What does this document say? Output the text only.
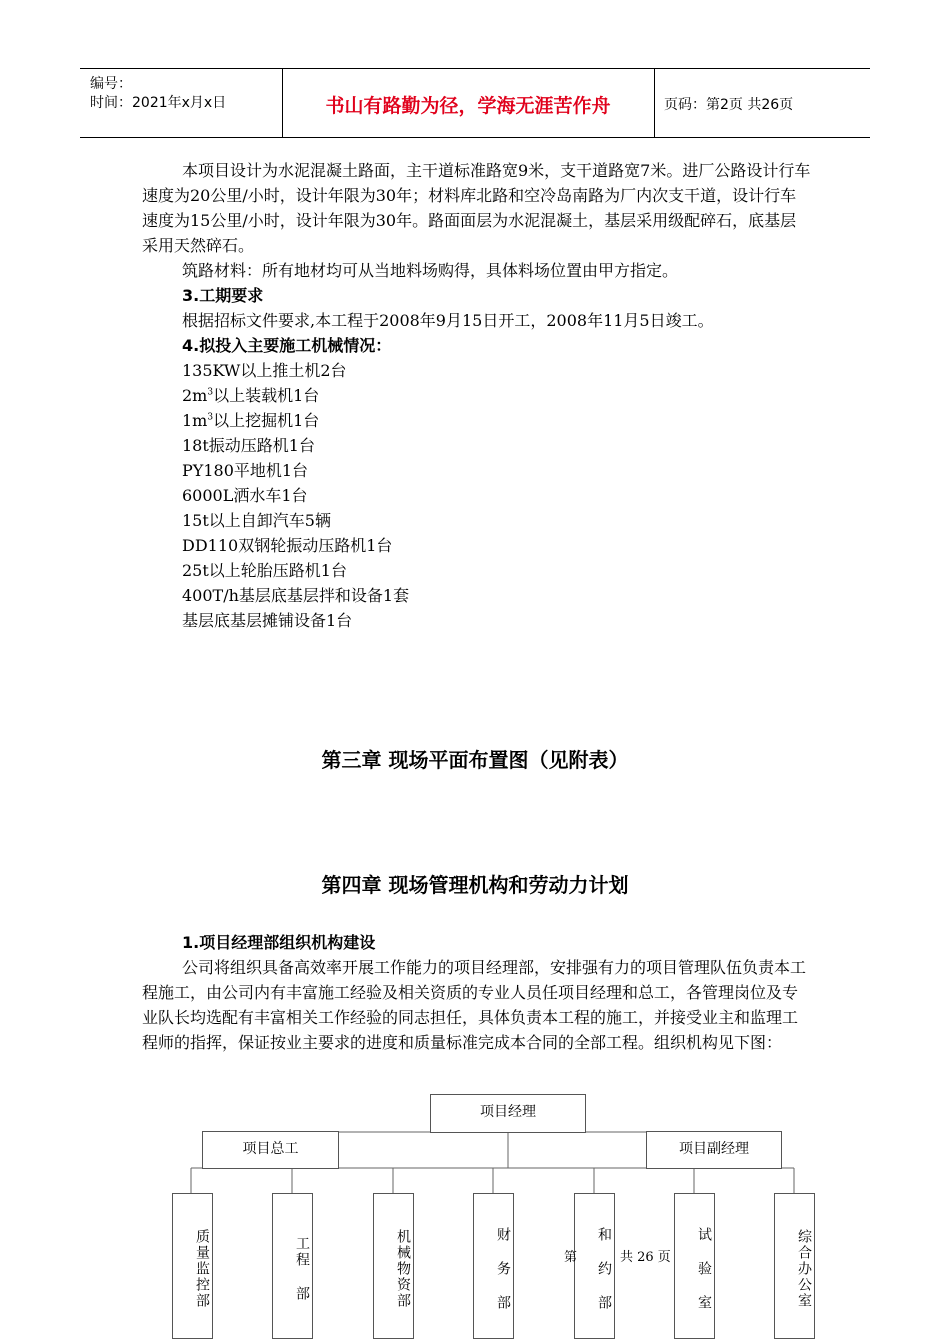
编号：
时间：2021年x月x日	书山有路勤为径，学海无涯苦作舟	页码：第2页 共26页

本项目设计为水泥混凝土路面，主干道标准路宽9米，支干道路宽7米。进厂公路设计行车速度为20公里/小时，设计年限为30年；材料库北路和空冷岛南路为厂内次支干道，设计行车速度为15公里/小时，设计年限为30年。路面面层为水泥混凝土，基层采用级配碎石，底基层采用天然碎石。

筑路材料：所有地材均可从当地料场购得，具体料场位置由甲方指定。

3.工期要求

根据招标文件要求,本工程于2008年9月15日开工，2008年11月5日竣工。

4.拟投入主要施工机械情况：

135KW以上推土机2台

$2m^3$以上装载机1台

$1m^3$以上挖掘机1台

18t振动压路机1台

PY180平地机1台

6000L洒水车1台

15t以上自卸汽车5辆

DD110双钢轮振动压路机1台

25t以上轮胎压路机1台

400T/h基层底基层拌和设备1套

基层底基层摊铺设备1台

第三章 现场平面布置图（见附表）
第四章 现场管理机构和劳动力计划

1.项目经理部组织机构建设

公司将组织具备高效率开展工作能力的项目经理部，安排强有力的项目管理队伍负责本工程施工，由公司内有丰富施工经验及相关资质的专业人员任项目经理和总工，各管理岗位及专业队长均选配有丰富相关工作经验的同志担任，具体负责本工程的施工，并接受业主和监理工程师的指挥，保证按业主要求的进度和质量标准完成本合同的全部工程。组织机构见下图：

项目经理
项目总工	项目副经理
质量监控部	工程 部	机械物资部	财 务 部	和 约 部	试 验 室	综合办公室
第	共 26 页
